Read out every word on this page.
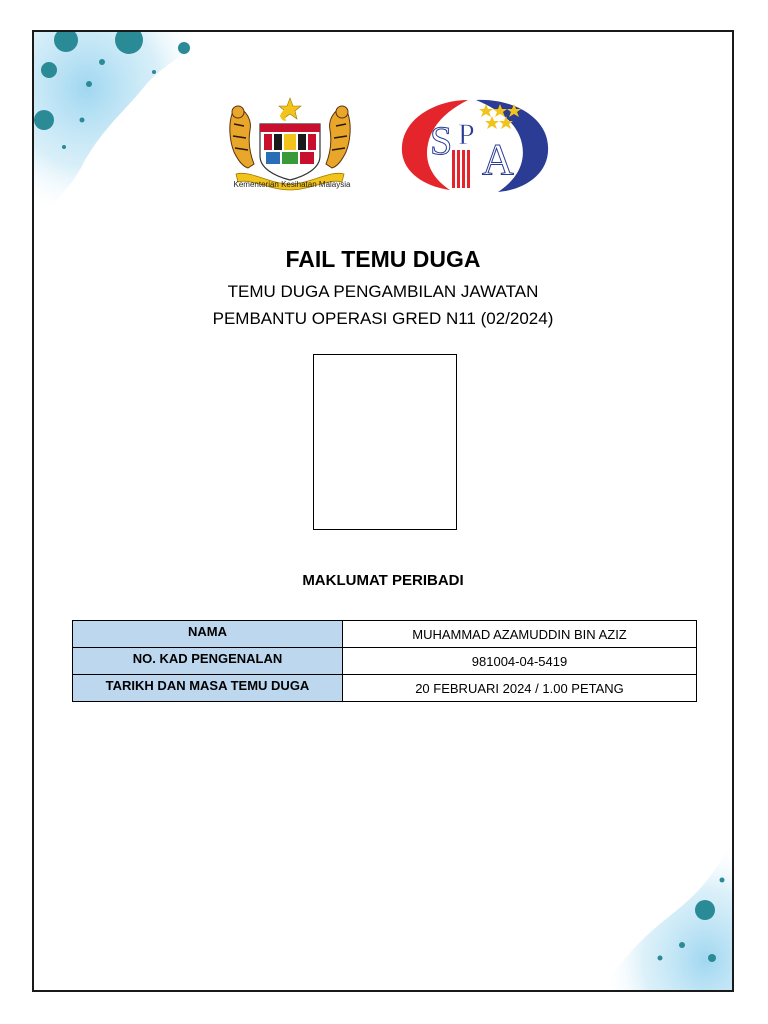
Kementerian Kesihatan Malaysia
S P
A
FAIL TEMU DUGA
TEMU DUGA PENGAMBILAN JAWATAN
PEMBANTU OPERASI GRED N11 (02/2024)
MAKLUMAT PERIBADI
NAMA	MUHAMMAD AZAMUDDIN BIN AZIZ
NO. KAD PENGENALAN	981004-04-5419
TARIKH DAN MASA TEMU DUGA	20 FEBRUARI 2024 / 1.00 PETANG
